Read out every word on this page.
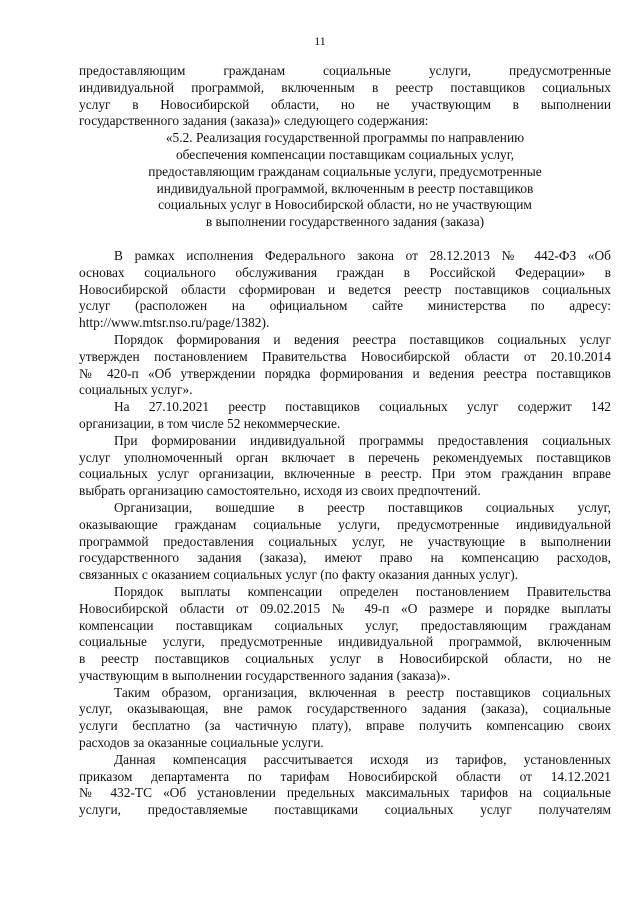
11
предоставляющим гражданам социальные услуги, предусмотренные
индивидуальной программой, включенным в реестр поставщиков социальных
услуг в Новосибирской области, но не участвующим в выполнении
государственного задания (заказа)» следующего содержания:
«5.2. Реализация государственной программы по направлению
обеспечения компенсации поставщикам социальных услуг,
предоставляющим гражданам социальные услуги, предусмотренные
индивидуальной программой, включенным в реестр поставщиков
социальных услуг в Новосибирской области, но не участвующим
в выполнении государственного задания (заказа)
В рамках исполнения Федерального закона от 28.12.2013 № 442-ФЗ «Об
основах социального обслуживания граждан в Российской Федерации» в
Новосибирской области сформирован и ведется реестр поставщиков социальных
услуг (расположен на официальном сайте министерства по адресу:
http://www.mtsr.nso.ru/page/1382).
Порядок формирования и ведения реестра поставщиков социальных услуг
утвержден постановлением Правительства Новосибирской области от 20.10.2014
№ 420-п «Об утверждении порядка формирования и ведения реестра поставщиков
социальных услуг».
На 27.10.2021 реестр поставщиков социальных услуг содержит 142
организации, в том числе 52 некоммерческие.
При формировании индивидуальной программы предоставления социальных
услуг уполномоченный орган включает в перечень рекомендуемых поставщиков
социальных услуг организации, включенные в реестр. При этом гражданин вправе
выбрать организацию самостоятельно, исходя из своих предпочтений.
Организации, вошедшие в реестр поставщиков социальных услуг,
оказывающие гражданам социальные услуги, предусмотренные индивидуальной
программой предоставления социальных услуг, не участвующие в выполнении
государственного задания (заказа), имеют право на компенсацию расходов,
связанных с оказанием социальных услуг (по факту оказания данных услуг).
Порядок выплаты компенсации определен постановлением Правительства
Новосибирской области от 09.02.2015 № 49-п «О размере и порядке выплаты
компенсации поставщикам социальных услуг, предоставляющим гражданам
социальные услуги, предусмотренные индивидуальной программой, включенным
в реестр поставщиков социальных услуг в Новосибирской области, но не
участвующим в выполнении государственного задания (заказа)».
Таким образом, организация, включенная в реестр поставщиков социальных
услуг, оказывающая, вне рамок государственного задания (заказа), социальные
услуги бесплатно (за частичную плату), вправе получить компенсацию своих
расходов за оказанные социальные услуги.
Данная компенсация рассчитывается исходя из тарифов, установленных
приказом департамента по тарифам Новосибирской области от 14.12.2021
№ 432-ТС «Об установлении предельных максимальных тарифов на социальные
услуги, предоставляемые поставщиками социальных услуг получателям
